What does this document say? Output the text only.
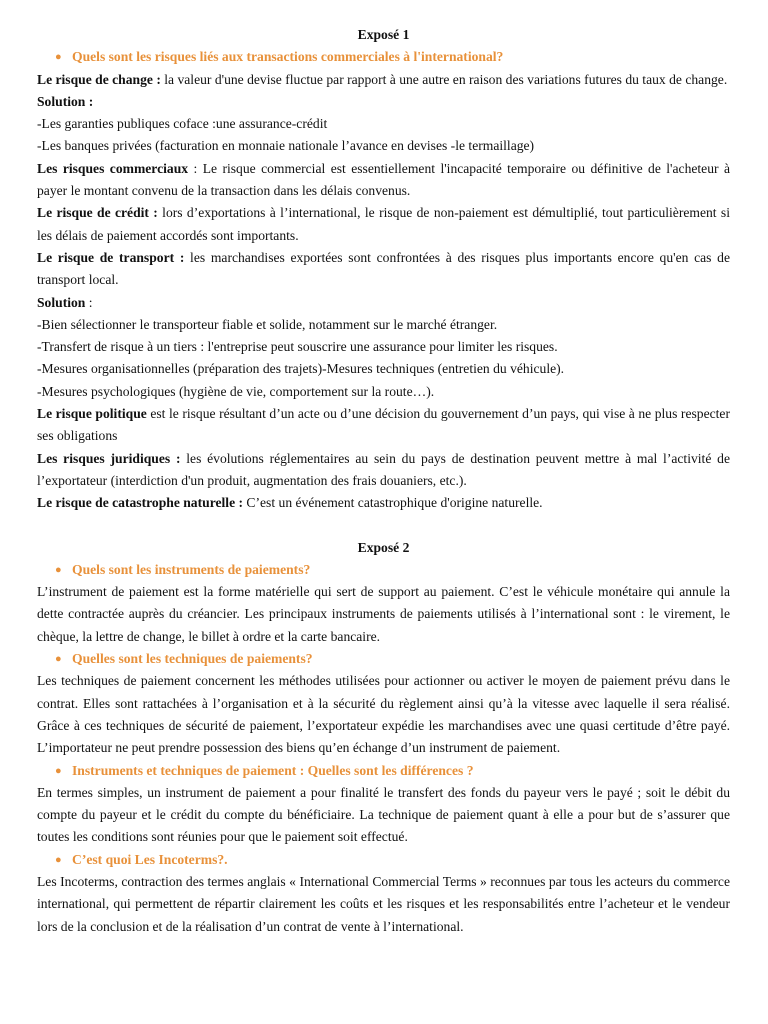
Exposé 1
● Quels sont les risques liés aux transactions commerciales à l'international?

Le risque de change : la valeur d'une devise fluctue par rapport à une autre en raison des variations futures du taux de change.

Solution :

-Les garanties publiques coface :une assurance-crédit

-Les banques privées (facturation en monnaie nationale l’avance en devises -le termaillage)

Les risques commerciaux : Le risque commercial est essentiellement l'incapacité temporaire ou définitive de l'acheteur à payer le montant convenu de la transaction dans les délais convenus.

Le risque de crédit : lors d’exportations à l’international, le risque de non-paiement est démultiplié, tout particulièrement si les délais de paiement accordés sont importants.

Le risque de transport : les marchandises exportées sont confrontées à des risques plus importants encore qu'en cas de transport local.

Solution :

-Bien sélectionner le transporteur fiable et solide, notamment sur le marché étranger.

-Transfert de risque à un tiers : l'entreprise peut souscrire une assurance pour limiter les risques.

-Mesures organisationnelles (préparation des trajets)-Mesures techniques (entretien du véhicule).

-Mesures psychologiques (hygiène de vie, comportement sur la route…).

Le risque politique est le risque résultant d’un acte ou d’une décision du gouvernement d’un pays, qui vise à ne plus respecter ses obligations

Les risques juridiques : les évolutions réglementaires au sein du pays de destination peuvent mettre à mal l’activité de l’exportateur (interdiction d'un produit, augmentation des frais douaniers, etc.).

Le risque de catastrophe naturelle : C’est un événement catastrophique d'origine naturelle.

Exposé 2
● Quels sont les instruments de paiements?

L’instrument de paiement est la forme matérielle qui sert de support au paiement. C’est le véhicule monétaire qui annule la dette contractée auprès du créancier. Les principaux instruments de paiements utilisés à l’international sont : le virement, le chèque, la lettre de change, le billet à ordre et la carte bancaire.

● Quelles sont les techniques de paiements?

Les techniques de paiement concernent les méthodes utilisées pour actionner ou activer le moyen de paiement prévu dans le contrat. Elles sont rattachées à l’organisation et à la sécurité du règlement ainsi qu’à la vitesse avec laquelle il sera réalisé. Grâce à ces techniques de sécurité de paiement, l’exportateur expédie les marchandises avec une quasi certitude d’être payé. L’importateur ne peut prendre possession des biens qu’en échange d’un instrument de paiement.

● Instruments et techniques de paiement : Quelles sont les différences ?

En termes simples, un instrument de paiement a pour finalité le transfert des fonds du payeur vers le payé ; soit le débit du compte du payeur et le crédit du compte du bénéficiaire. La technique de paiement quant à elle a pour but de s’assurer que toutes les conditions sont réunies pour que le paiement soit effectué.

● C’est quoi Les Incoterms?.

Les Incoterms, contraction des termes anglais « International Commercial Terms » reconnues par tous les acteurs du commerce international, qui permettent de répartir clairement les coûts et les risques et les responsabilités entre l’acheteur et le vendeur lors de la conclusion et de la réalisation d’un contrat de vente à l’international.
